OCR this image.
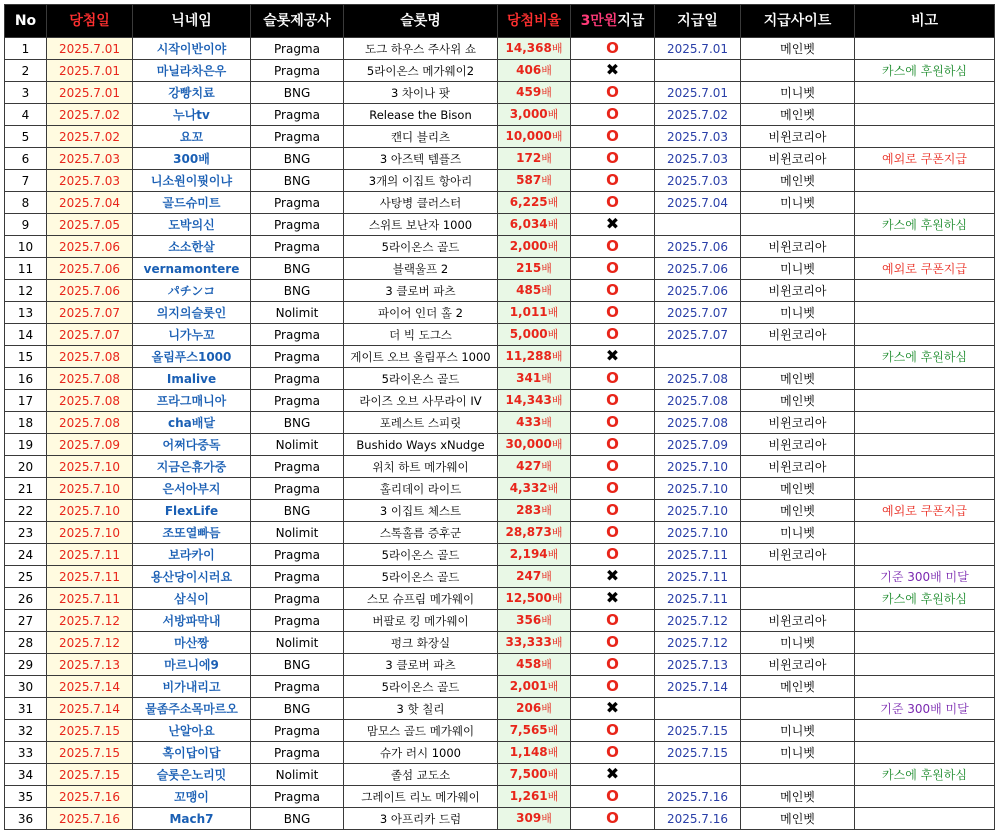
No	당첨일	닉네임	슬롯제공사	슬롯명	당첨비율	3만원지급	지급일	지급사이트	비고
1	2025.7.01	시작이반이야	Pragma	도그 하우스 주사위 쇼	14,368배	O	2025.7.01	메인벳	
2	2025.7.01	마닐라차은우	Pragma	5라이온스 메가웨이2	406배	✖			카스에 후원하심
3	2025.7.01	강빵치료	BNG	3 차이나 팟	459배	O	2025.7.01	미니벳	
4	2025.7.02	누나tv	Pragma	Release the Bison	3,000배	O	2025.7.02	메인벳	
5	2025.7.02	요꼬	Pragma	캔디 블리츠	10,000배	O	2025.7.03	비윈코리아	
6	2025.7.03	300배	BNG	3 아즈텍 템플즈	172배	O	2025.7.03	비윈코리아	예외로 쿠폰지급
7	2025.7.03	니소원이뭣이냐	BNG	3개의 이집트 항아리	587배	O	2025.7.03	메인벳	
8	2025.7.04	골드슈미트	Pragma	사탕병 클러스터	6,225배	O	2025.7.04	미니벳	
9	2025.7.05	도박의신	Pragma	스위트 보난자 1000	6,034배	✖			카스에 후원하심
10	2025.7.06	소소한살	Pragma	5라이온스 골드	2,000배	O	2025.7.06	비윈코리아	
11	2025.7.06	vernamontere	BNG	블랙울프 2	215배	O	2025.7.06	미니벳	예외로 쿠폰지급
12	2025.7.06	パチンコ	BNG	3 클로버 파츠	485배	O	2025.7.06	비윈코리아	
13	2025.7.07	의지의슬롯인	Nolimit	파이어 인더 홀 2	1,011배	O	2025.7.07	미니벳	
14	2025.7.07	니가누꼬	Pragma	더 빅 도그스	5,000배	O	2025.7.07	비윈코리아	
15	2025.7.08	올림푸스1000	Pragma	게이트 오브 올림푸스 1000	11,288배	✖			카스에 후원하심
16	2025.7.08	Imalive	Pragma	5라이온스 골드	341배	O	2025.7.08	메인벳	
17	2025.7.08	프라그매니아	Pragma	라이즈 오브 사무라이 IV	14,343배	O	2025.7.08	메인벳	
18	2025.7.08	cha배달	BNG	포레스트 스피릿	433배	O	2025.7.08	비윈코리아	
19	2025.7.09	어쩌다중독	Nolimit	Bushido Ways xNudge	30,000배	O	2025.7.09	비윈코리아	
20	2025.7.10	지금은휴가중	Pragma	위치 하트 메가웨이	427배	O	2025.7.10	비윈코리아	
21	2025.7.10	은서아부지	Pragma	홀리데이 라이드	4,332배	O	2025.7.10	메인벳	
22	2025.7.10	FlexLife	BNG	3 이집트 체스트	283배	O	2025.7.10	메인벳	예외로 쿠폰지급
23	2025.7.10	조또열빠듬	Nolimit	스톡홀름 증후군	28,873배	O	2025.7.10	미니벳	
24	2025.7.11	보라카이	Pragma	5라이온스 골드	2,194배	O	2025.7.11	비윈코리아	
25	2025.7.11	용산당이시러요	Pragma	5라이온스 골드	247배	✖	2025.7.11		기준 300배 미달
26	2025.7.11	삼식이	Pragma	스모 슈프림 메가웨이	12,500배	✖	2025.7.11		카스에 후원하심
27	2025.7.12	서방파막내	Pragma	버팔로 킹 메가웨이	356배	O	2025.7.12	비윈코리아	
28	2025.7.12	마산짱	Nolimit	펑크 화장실	33,333배	O	2025.7.12	미니벳	
29	2025.7.13	마르니에9	BNG	3 클로버 파츠	458배	O	2025.7.13	비윈코리아	
30	2025.7.14	비가내리고	Pragma	5라이온스 골드	2,001배	O	2025.7.14	메인벳	
31	2025.7.14	물좀주소목마르오	BNG	3 핫 칠리	206배	✖			기준 300배 미달
32	2025.7.15	난알아요	Pragma	맘모스 골드 메가웨이	7,565배	O	2025.7.15	미니벳	
33	2025.7.15	혹이답이답	Pragma	슈가 러시 1000	1,148배	O	2025.7.15	미니벳	
34	2025.7.15	슬롯은노리밋	Nolimit	졸섬 교도소	7,500배	✖			카스에 후원하심
35	2025.7.16	꼬맹이	Pragma	그레이트 리노 메가웨이	1,261배	O	2025.7.16	메인벳	
36	2025.7.16	Mach7	BNG	3 아프리카 드럼	309배	O	2025.7.16	메인벳	
